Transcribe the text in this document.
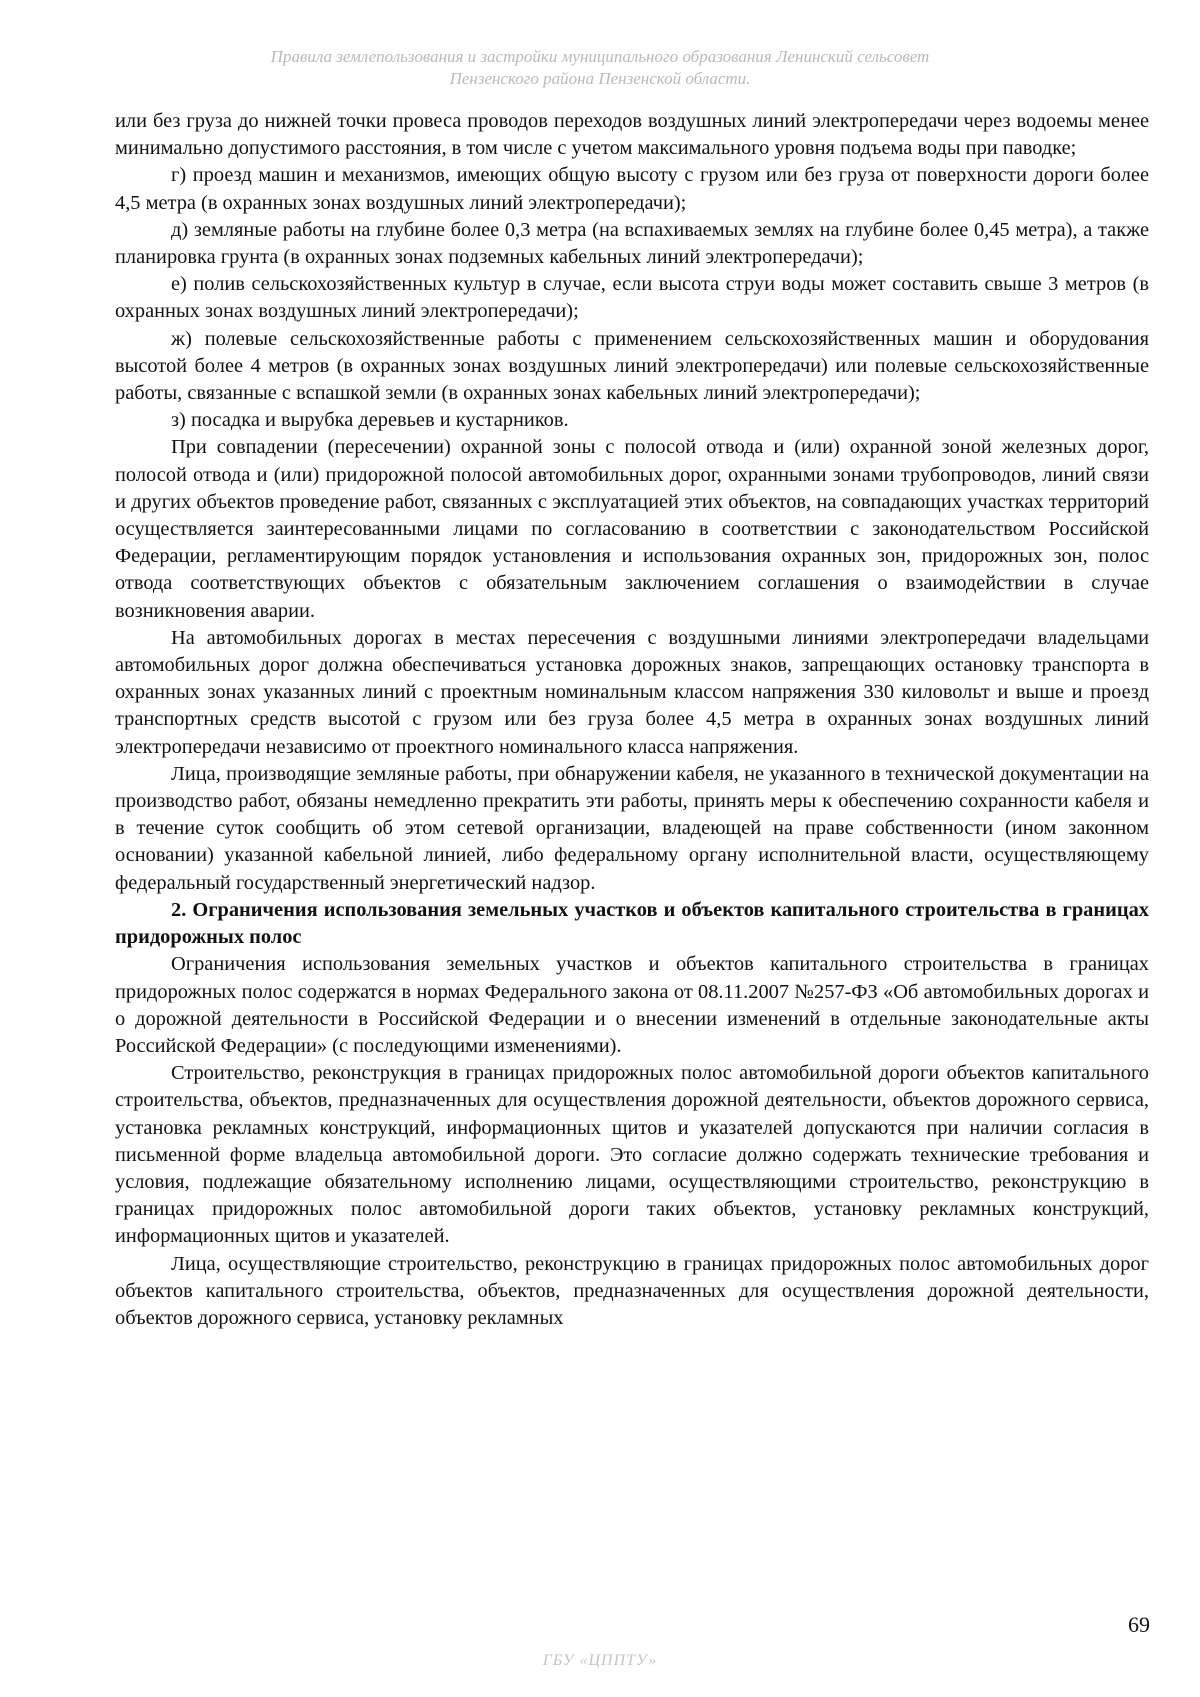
Правила землепользования и застройки муниципального образования Ленинский сельсовет
Пензенского района Пензенской области.

или без груза до нижней точки провеса проводов переходов воздушных линий электропередачи через водоемы менее минимально допустимого расстояния, в том числе с учетом максимального уровня подъема воды при паводке;

г) проезд машин и механизмов, имеющих общую высоту с грузом или без груза от поверхности дороги более 4,5 метра (в охранных зонах воздушных линий электропередачи);

д) земляные работы на глубине более 0,3 метра (на вспахиваемых землях на глубине более 0,45 метра), а также планировка грунта (в охранных зонах подземных кабельных линий электропередачи);

е) полив сельскохозяйственных культур в случае, если высота струи воды может составить свыше 3 метров (в охранных зонах воздушных линий электропередачи);

ж) полевые сельскохозяйственные работы с применением сельскохозяйственных машин и оборудования высотой более 4 метров (в охранных зонах воздушных линий электропередачи) или полевые сельскохозяйственные работы, связанные с вспашкой земли (в охранных зонах кабельных линий электропередачи);

з) посадка и вырубка деревьев и кустарников.

При совпадении (пересечении) охранной зоны с полосой отвода и (или) охранной зоной железных дорог, полосой отвода и (или) придорожной полосой автомобильных дорог, охранными зонами трубопроводов, линий связи и других объектов проведение работ, связанных с эксплуатацией этих объектов, на совпадающих участках территорий осуществляется заинтересованными лицами по согласованию в соответствии с законодательством Российской Федерации, регламентирующим порядок установления и использования охранных зон, придорожных зон, полос отвода соответствующих объектов с обязательным заключением соглашения о взаимодействии в случае возникновения аварии.

На автомобильных дорогах в местах пересечения с воздушными линиями электропередачи владельцами автомобильных дорог должна обеспечиваться установка дорожных знаков, запрещающих остановку транспорта в охранных зонах указанных линий с проектным номинальным классом напряжения 330 киловольт и выше и проезд транспортных средств высотой с грузом или без груза более 4,5 метра в охранных зонах воздушных линий электропередачи независимо от проектного номинального класса напряжения.

Лица, производящие земляные работы, при обнаружении кабеля, не указанного в технической документации на производство работ, обязаны немедленно прекратить эти работы, принять меры к обеспечению сохранности кабеля и в течение суток сообщить об этом сетевой организации, владеющей на праве собственности (ином законном основании) указанной кабельной линией, либо федеральному органу исполнительной власти, осуществляющему федеральный государственный энергетический надзор.

2. Ограничения использования земельных участков и объектов капитального строительства в границах придорожных полос

Ограничения использования земельных участков и объектов капитального строительства в границах придорожных полос содержатся в нормах Федерального закона от 08.11.2007 №257-ФЗ «Об автомобильных дорогах и о дорожной деятельности в Российской Федерации и о внесении изменений в отдельные законодательные акты Российской Федерации» (с последующими изменениями).

Строительство, реконструкция в границах придорожных полос автомобильной дороги объектов капитального строительства, объектов, предназначенных для осуществления дорожной деятельности, объектов дорожного сервиса, установка рекламных конструкций, информационных щитов и указателей допускаются при наличии согласия в письменной форме владельца автомобильной дороги. Это согласие должно содержать технические требования и условия, подлежащие обязательному исполнению лицами, осуществляющими строительство, реконструкцию в границах придорожных полос автомобильной дороги таких объектов, установку рекламных конструкций, информационных щитов и указателей.

Лица, осуществляющие строительство, реконструкцию в границах придорожных полос автомобильных дорог объектов капитального строительства, объектов, предназначенных для осуществления дорожной деятельности, объектов дорожного сервиса, установку рекламных

69
ГБУ «ЦППТУ»
